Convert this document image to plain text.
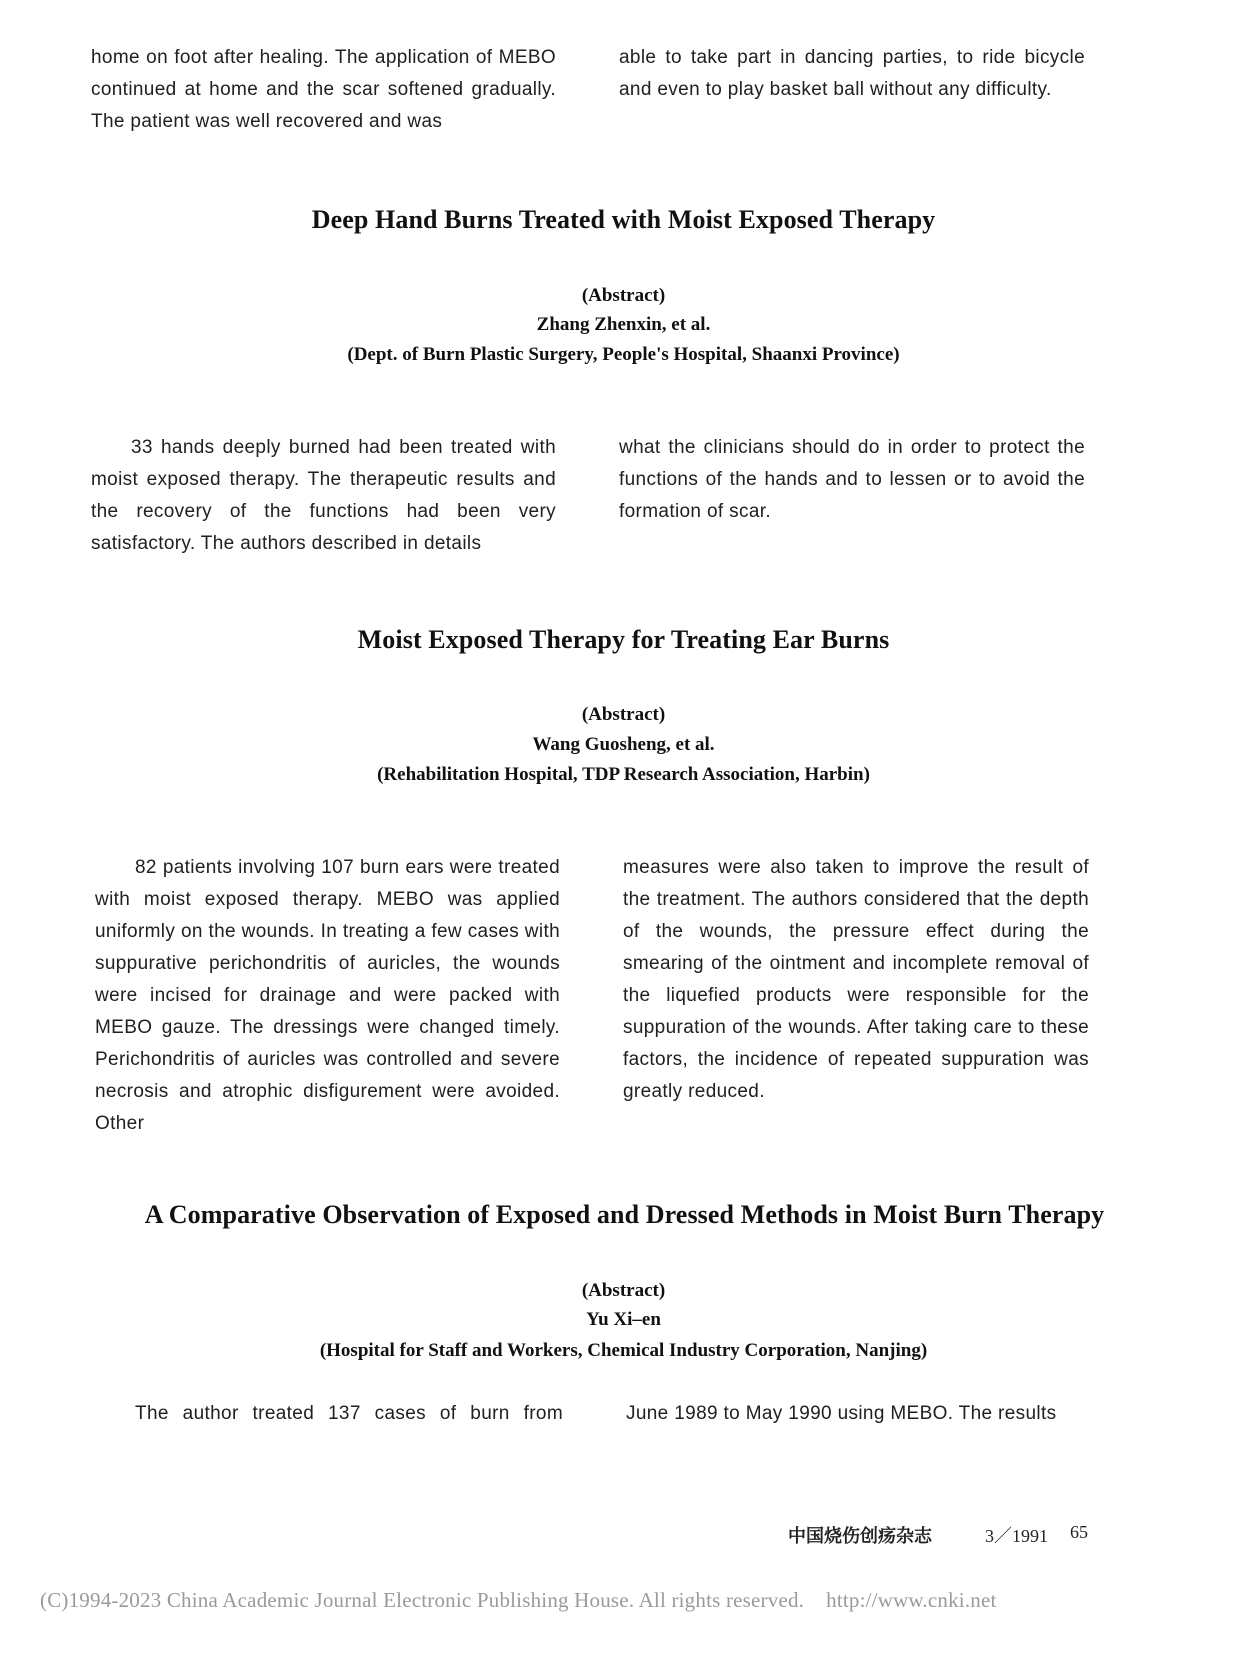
home on foot after healing. The application of MEBO continued at home and the scar softened gradually. The patient was well recovered and was
able to take part in dancing parties, to ride bicycle and even to play basket ball without any difficulty.
Deep Hand Burns Treated with Moist Exposed Therapy
(Abstract)
Zhang Zhenxin, et al.
(Dept. of Burn Plastic Surgery, People's Hospital, Shaanxi Province)
33 hands deeply burned had been treated with moist exposed therapy. The therapeutic results and the recovery of the functions had been very satisfactory. The authors described in details
what the clinicians should do in order to protect the functions of the hands and to lessen or to avoid the formation of scar.
Moist Exposed Therapy for Treating Ear Burns
(Abstract)
Wang Guosheng, et al.
(Rehabilitation Hospital, TDP Research Association, Harbin)
82 patients involving 107 burn ears were treated with moist exposed therapy. MEBO was applied uniformly on the wounds. In treating a few cases with suppurative perichondritis of auricles, the wounds were incised for drainage and were packed with MEBO gauze. The dressings were changed timely. Perichondritis of auricles was controlled and severe necrosis and atrophic disfigurement were avoided. Other
measures were also taken to improve the result of the treatment. The authors considered that the depth of the wounds, the pressure effect during the smearing of the ointment and incomplete removal of the liquefied products were responsible for the suppuration of the wounds. After taking care to these factors, the incidence of repeated suppuration was greatly reduced.
A Comparative Observation of Exposed and Dressed Methods in Moist Burn Therapy
(Abstract)
Yu Xi–en
(Hospital for Staff and Workers, Chemical Industry Corporation, Nanjing)
The author treated 137 cases of burn from	June 1989 to May 1990 using MEBO. The results
中国烧伤创疡杂志	3／1991 65
(C)1994-2023 China Academic Journal Electronic Publishing House. All rights reserved. http://www.cnki.net
